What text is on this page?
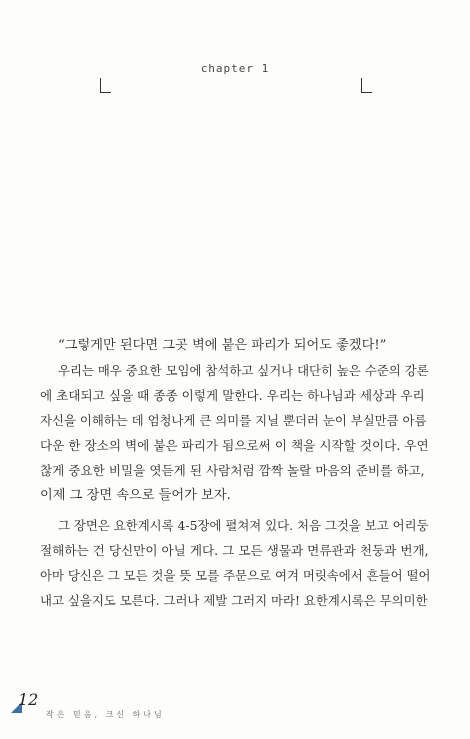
chapter 1
“그렇게만 된다면 그곳 벽에 붙은 파리가 되어도 좋겠다!”
우리는 매우 중요한 모임에 참석하고 싶거나 대단히 높은 수준의 강론
에 초대되고 싶을 때 종종 이렇게 말한다. 우리는 하나님과 세상과 우리
자신을 이해하는 데 엄청나게 큰 의미를 지닐 뿐더러 눈이 부실만큼 아름
다운 한 장소의 벽에 붙은 파리가 됨으로써 이 책을 시작할 것이다. 우연
찮게 중요한 비밀을 엿듣게 된 사람처럼 깜짝 놀랄 마음의 준비를 하고,
이제 그 장면 속으로 들어가 보자.
그 장면은 요한계시록 4-5장에 펼쳐져 있다. 처음 그것을 보고 어리둥
절해하는 건 당신만이 아닐 게다. 그 모든 생물과 면류관과 천둥과 번개,
아마 당신은 그 모든 것을 뜻 모를 주문으로 여겨 머릿속에서 흔들어 떨어
내고 싶을지도 모른다. 그러나 제발 그러지 마라! 요한계시록은 무의미한
12
작은 믿음, 크신 하나님
